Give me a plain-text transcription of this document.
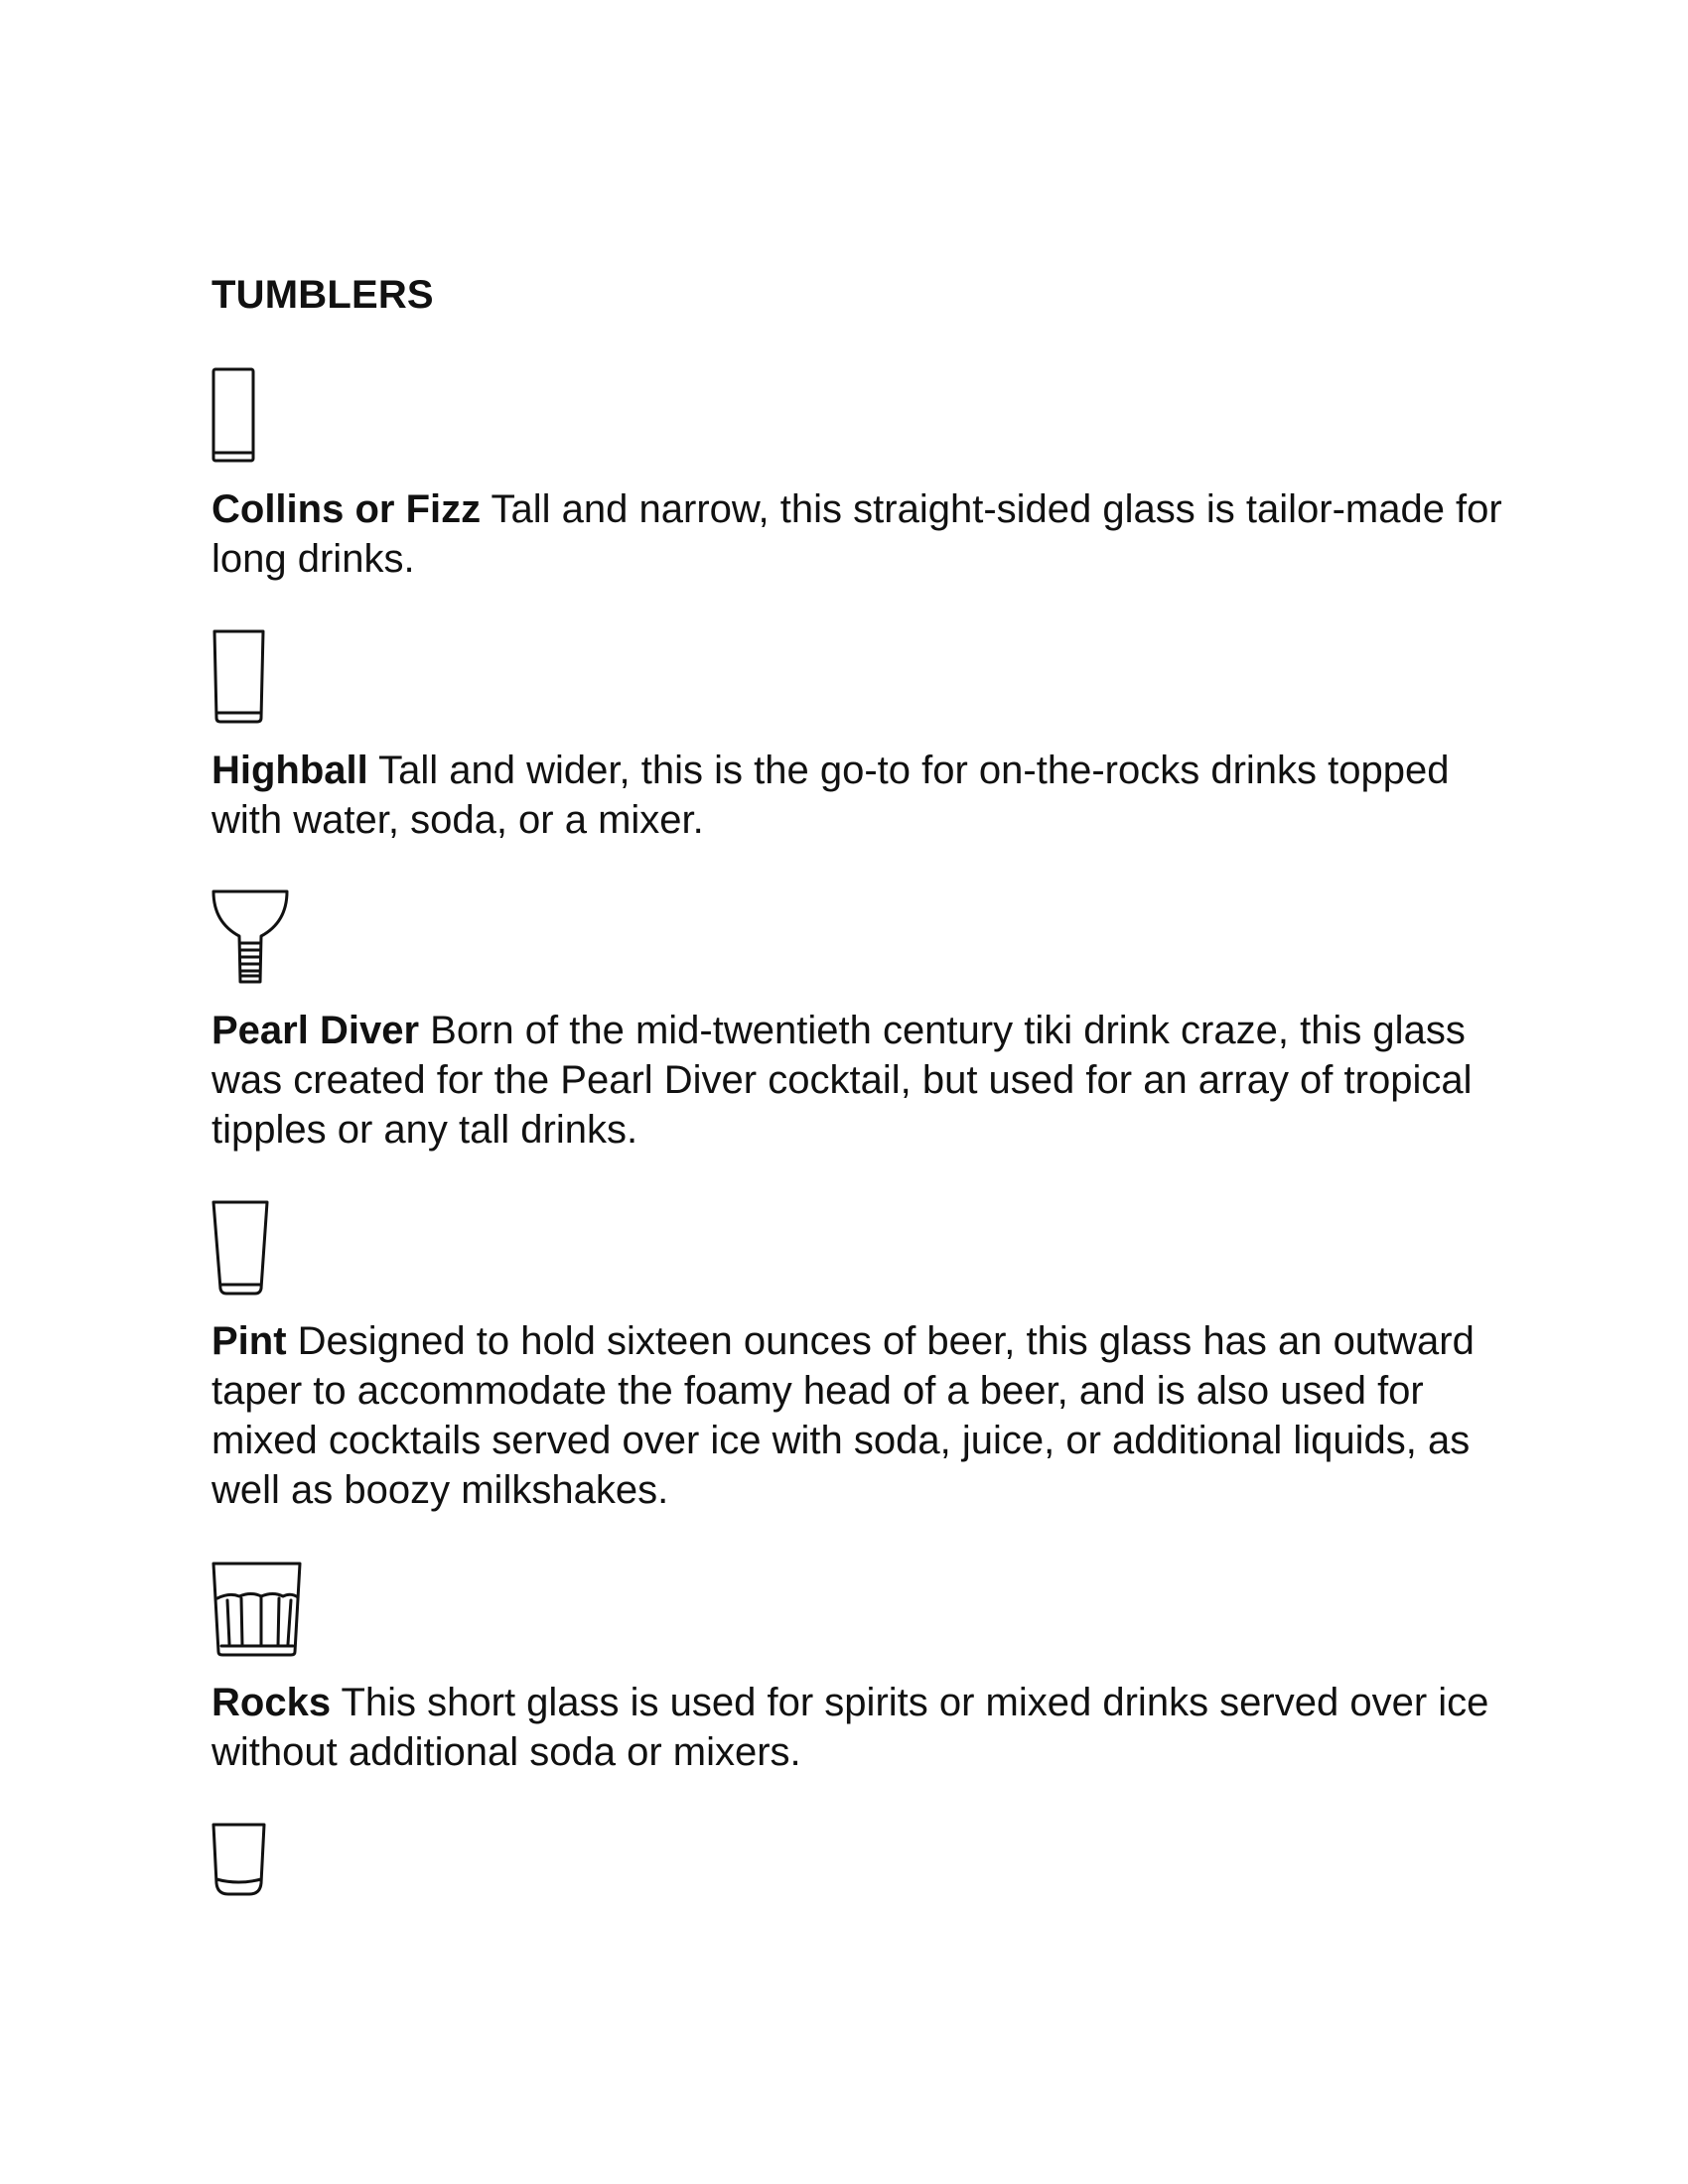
TUMBLERS

Collins or Fizz Tall and narrow, this straight-sided glass is tailor-made for long drinks.

Highball Tall and wider, this is the go-to for on-the-rocks drinks topped with water, soda, or a mixer.

Pearl Diver Born of the mid-twentieth century tiki drink craze, this glass was created for the Pearl Diver cocktail, but used for an array of tropical tipples or any tall drinks.

Pint Designed to hold sixteen ounces of beer, this glass has an outward taper to accommodate the foamy head of a beer, and is also used for mixed cocktails served over ice with soda, juice, or additional liquids, as well as boozy milkshakes.

Rocks This short glass is used for spirits or mixed drinks served over ice without additional soda or mixers.
